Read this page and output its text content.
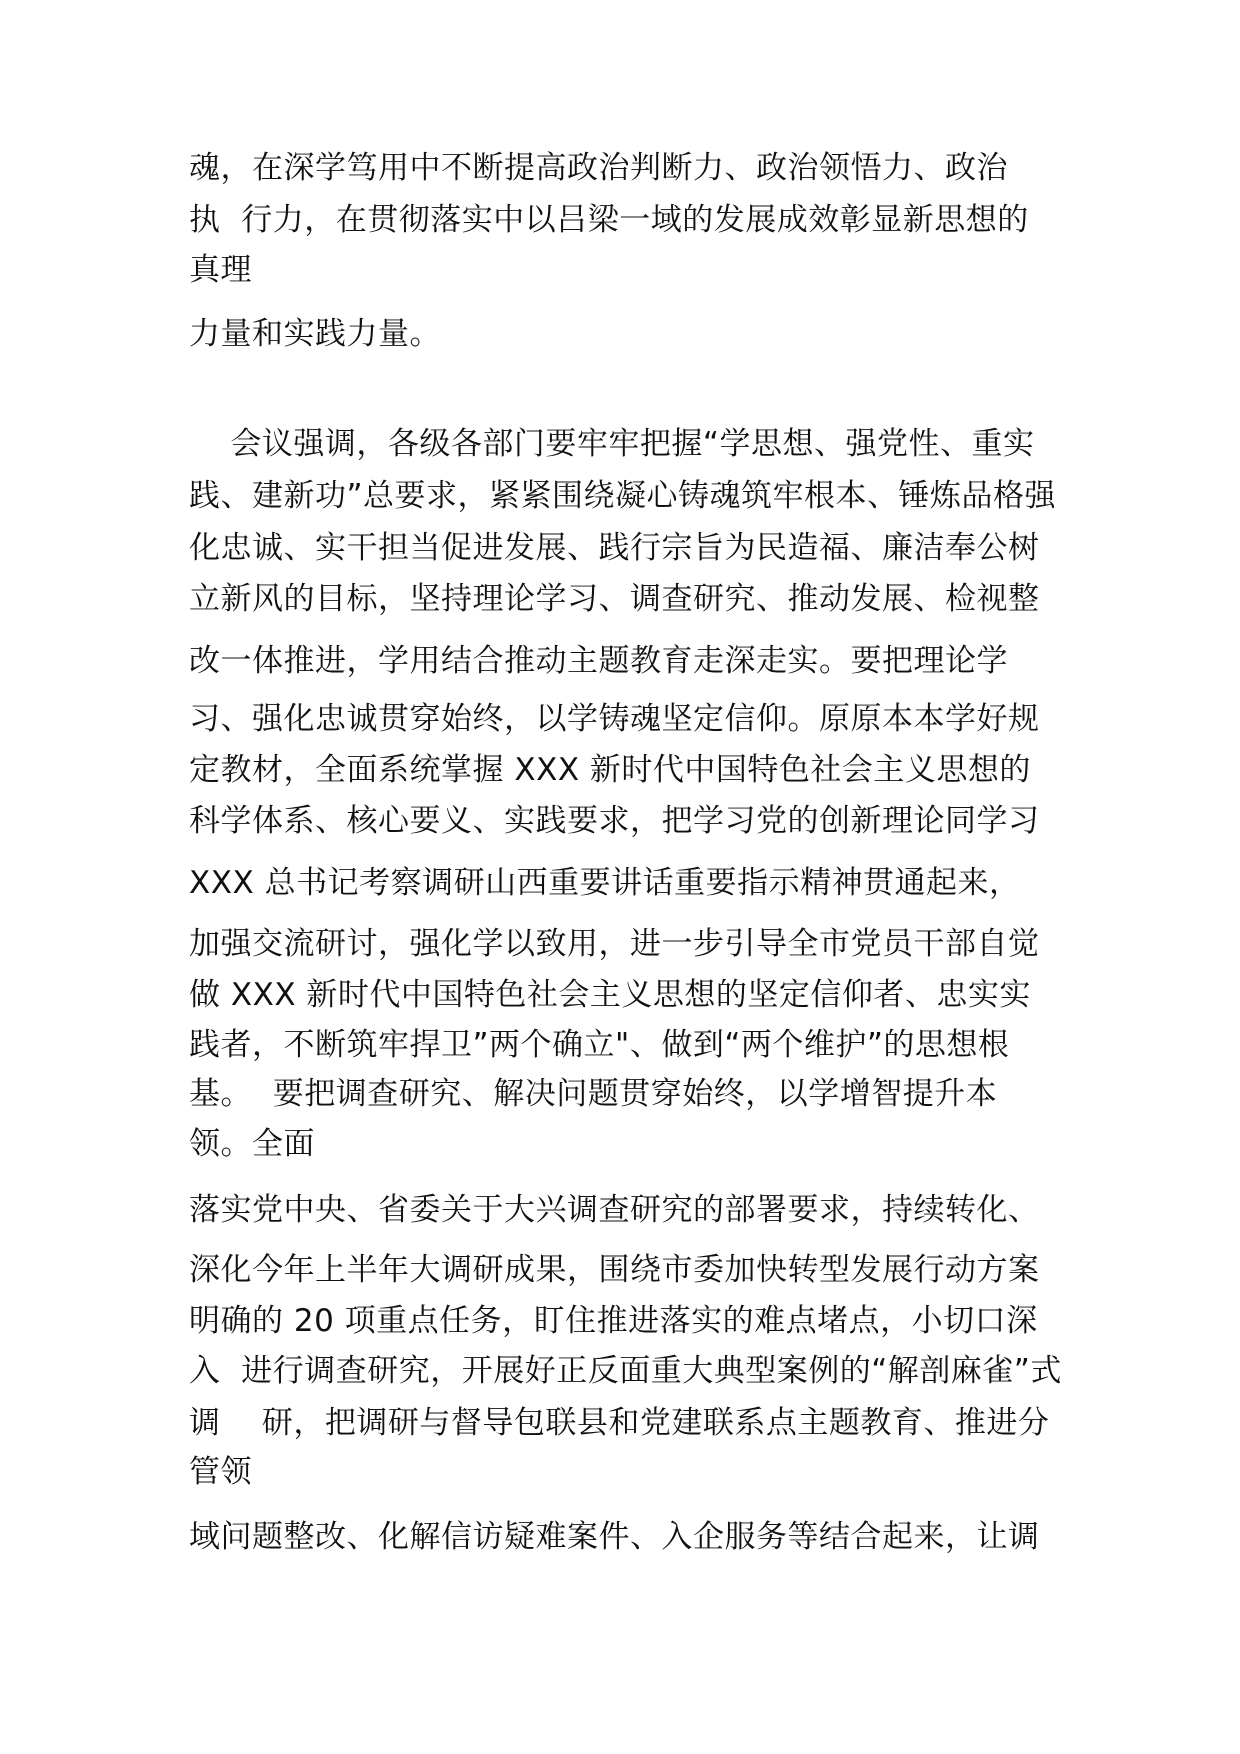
魂，在深学笃用中不断提高政治判断力、政治领悟力、政治
执  行力，在贯彻落实中以吕梁一域的发展成效彰显新思想的
真理
力量和实践力量。
会议强调，各级各部门要牢牢把握“学思想、强党性、重实
践、建新功”总要求，紧紧围绕凝心铸魂筑牢根本、锤炼品格强
化忠诚、实干担当促进发展、践行宗旨为民造福、廉洁奉公树
立新风的目标，坚持理论学习、调查研究、推动发展、检视整
改一体推进，学用结合推动主题教育走深走实。要把理论学
习、强化忠诚贯穿始终，以学铸魂坚定信仰。原原本本学好规
定教材，全面系统掌握 XXX 新时代中国特色社会主义思想的
科学体系、核心要义、实践要求，把学习党的创新理论同学习
XXX 总书记考察调研山西重要讲话重要指示精神贯通起来，
加强交流研讨，强化学以致用，进一步引导全市党员干部自觉
做 XXX 新时代中国特色社会主义思想的坚定信仰者、忠实实
践者，不断筑牢捍卫”两个确立"、做到“两个维护”的思想根
基。  要把调查研究、解决问题贯穿始终，以学增智提升本
领。全面
落实党中央、省委关于大兴调查研究的部署要求，持续转化、
深化今年上半年大调研成果，围绕市委加快转型发展行动方案
明确的 20 项重点任务，盯住推进落实的难点堵点，小切口深
入  进行调查研究，开展好正反面重大典型案例的“解剖麻雀”式
调    研，把调研与督导包联县和党建联系点主题教育、推进分
管领
域问题整改、化解信访疑难案件、入企服务等结合起来，让调
